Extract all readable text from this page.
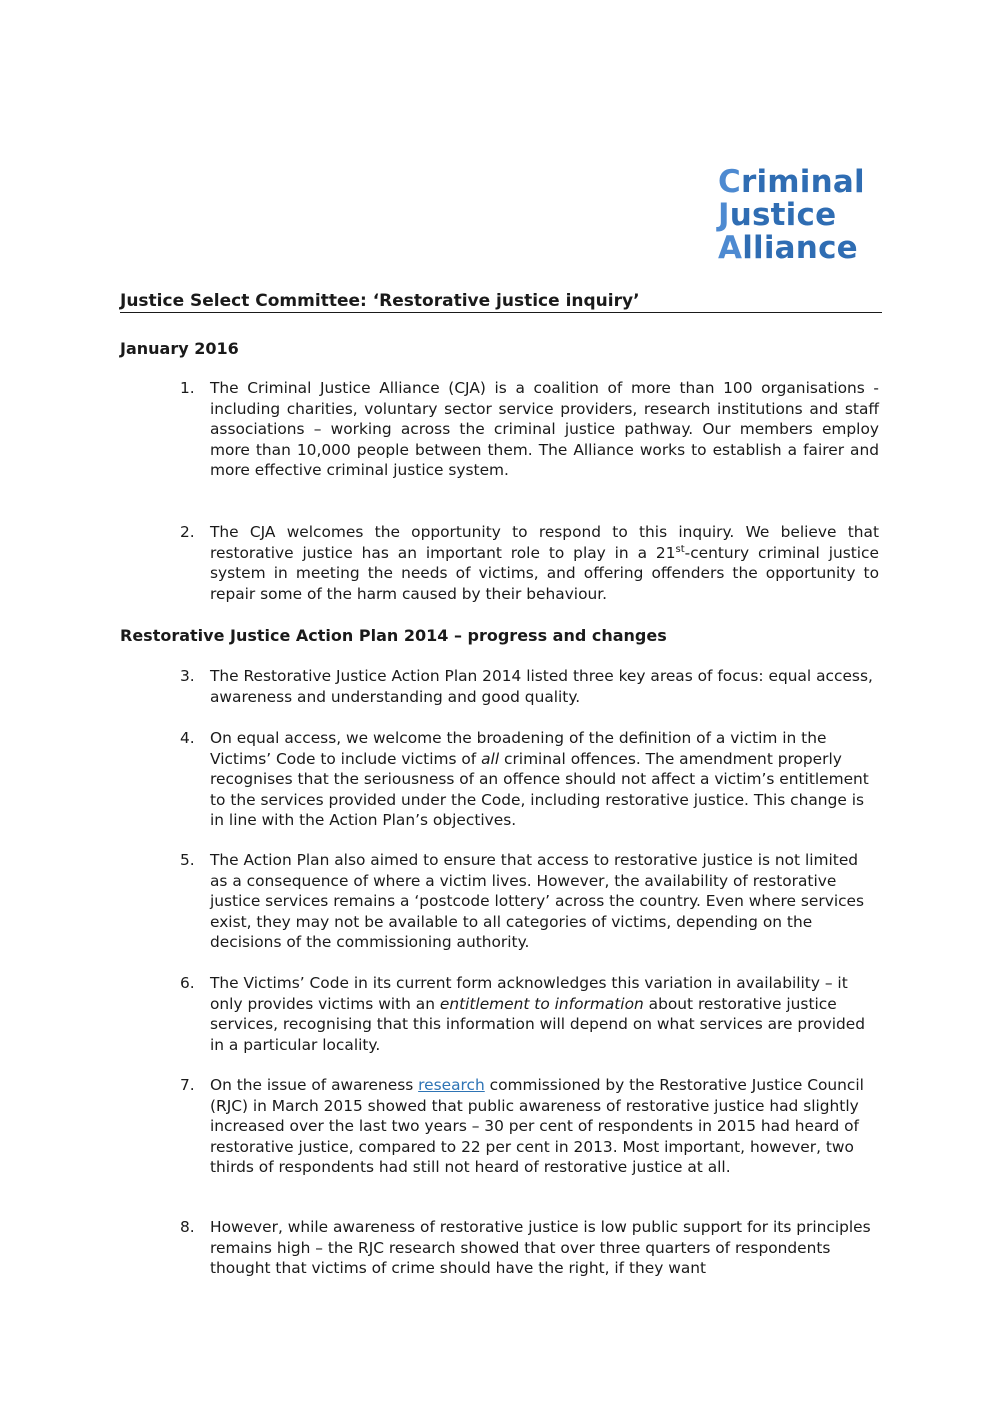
Criminal
Justice
Alliance
Justice Select Committee: ‘Restorative justice inquiry’
January 2016
1. The Criminal Justice Alliance (CJA) is a coalition of more than 100 organisations - including charities, voluntary sector service providers, research institutions and staff associations – working across the criminal justice pathway. Our members employ more than 10,000 people between them. The Alliance works to establish a fairer and more effective criminal justice system.
2. The CJA welcomes the opportunity to respond to this inquiry. We believe that restorative justice has an important role to play in a 21st-century criminal justice system in meeting the needs of victims, and offering offenders the opportunity to repair some of the harm caused by their behaviour.
Restorative Justice Action Plan 2014 – progress and changes
3. The Restorative Justice Action Plan 2014 listed three key areas of focus: equal access, awareness and understanding and good quality.
4. On equal access, we welcome the broadening of the definition of a victim in the Victims’ Code to include victims of all criminal offences. The amendment properly recognises that the seriousness of an offence should not affect a victim’s entitlement to the services provided under the Code, including restorative justice. This change is in line with the Action Plan’s objectives.
5. The Action Plan also aimed to ensure that access to restorative justice is not limited as a consequence of where a victim lives. However, the availability of restorative justice services remains a ‘postcode lottery’ across the country. Even where services exist, they may not be available to all categories of victims, depending on the decisions of the commissioning authority.
6. The Victims’ Code in its current form acknowledges this variation in availability – it only provides victims with an entitlement to information about restorative justice services, recognising that this information will depend on what services are provided in a particular locality.
7. On the issue of awareness research commissioned by the Restorative Justice Council (RJC) in March 2015 showed that public awareness of restorative justice had slightly increased over the last two years – 30 per cent of respondents in 2015 had heard of restorative justice, compared to 22 per cent in 2013. Most important, however, two thirds of respondents had still not heard of restorative justice at all.
8. However, while awareness of restorative justice is low public support for its principles remains high – the RJC research showed that over three quarters of respondents thought that victims of crime should have the right, if they want
